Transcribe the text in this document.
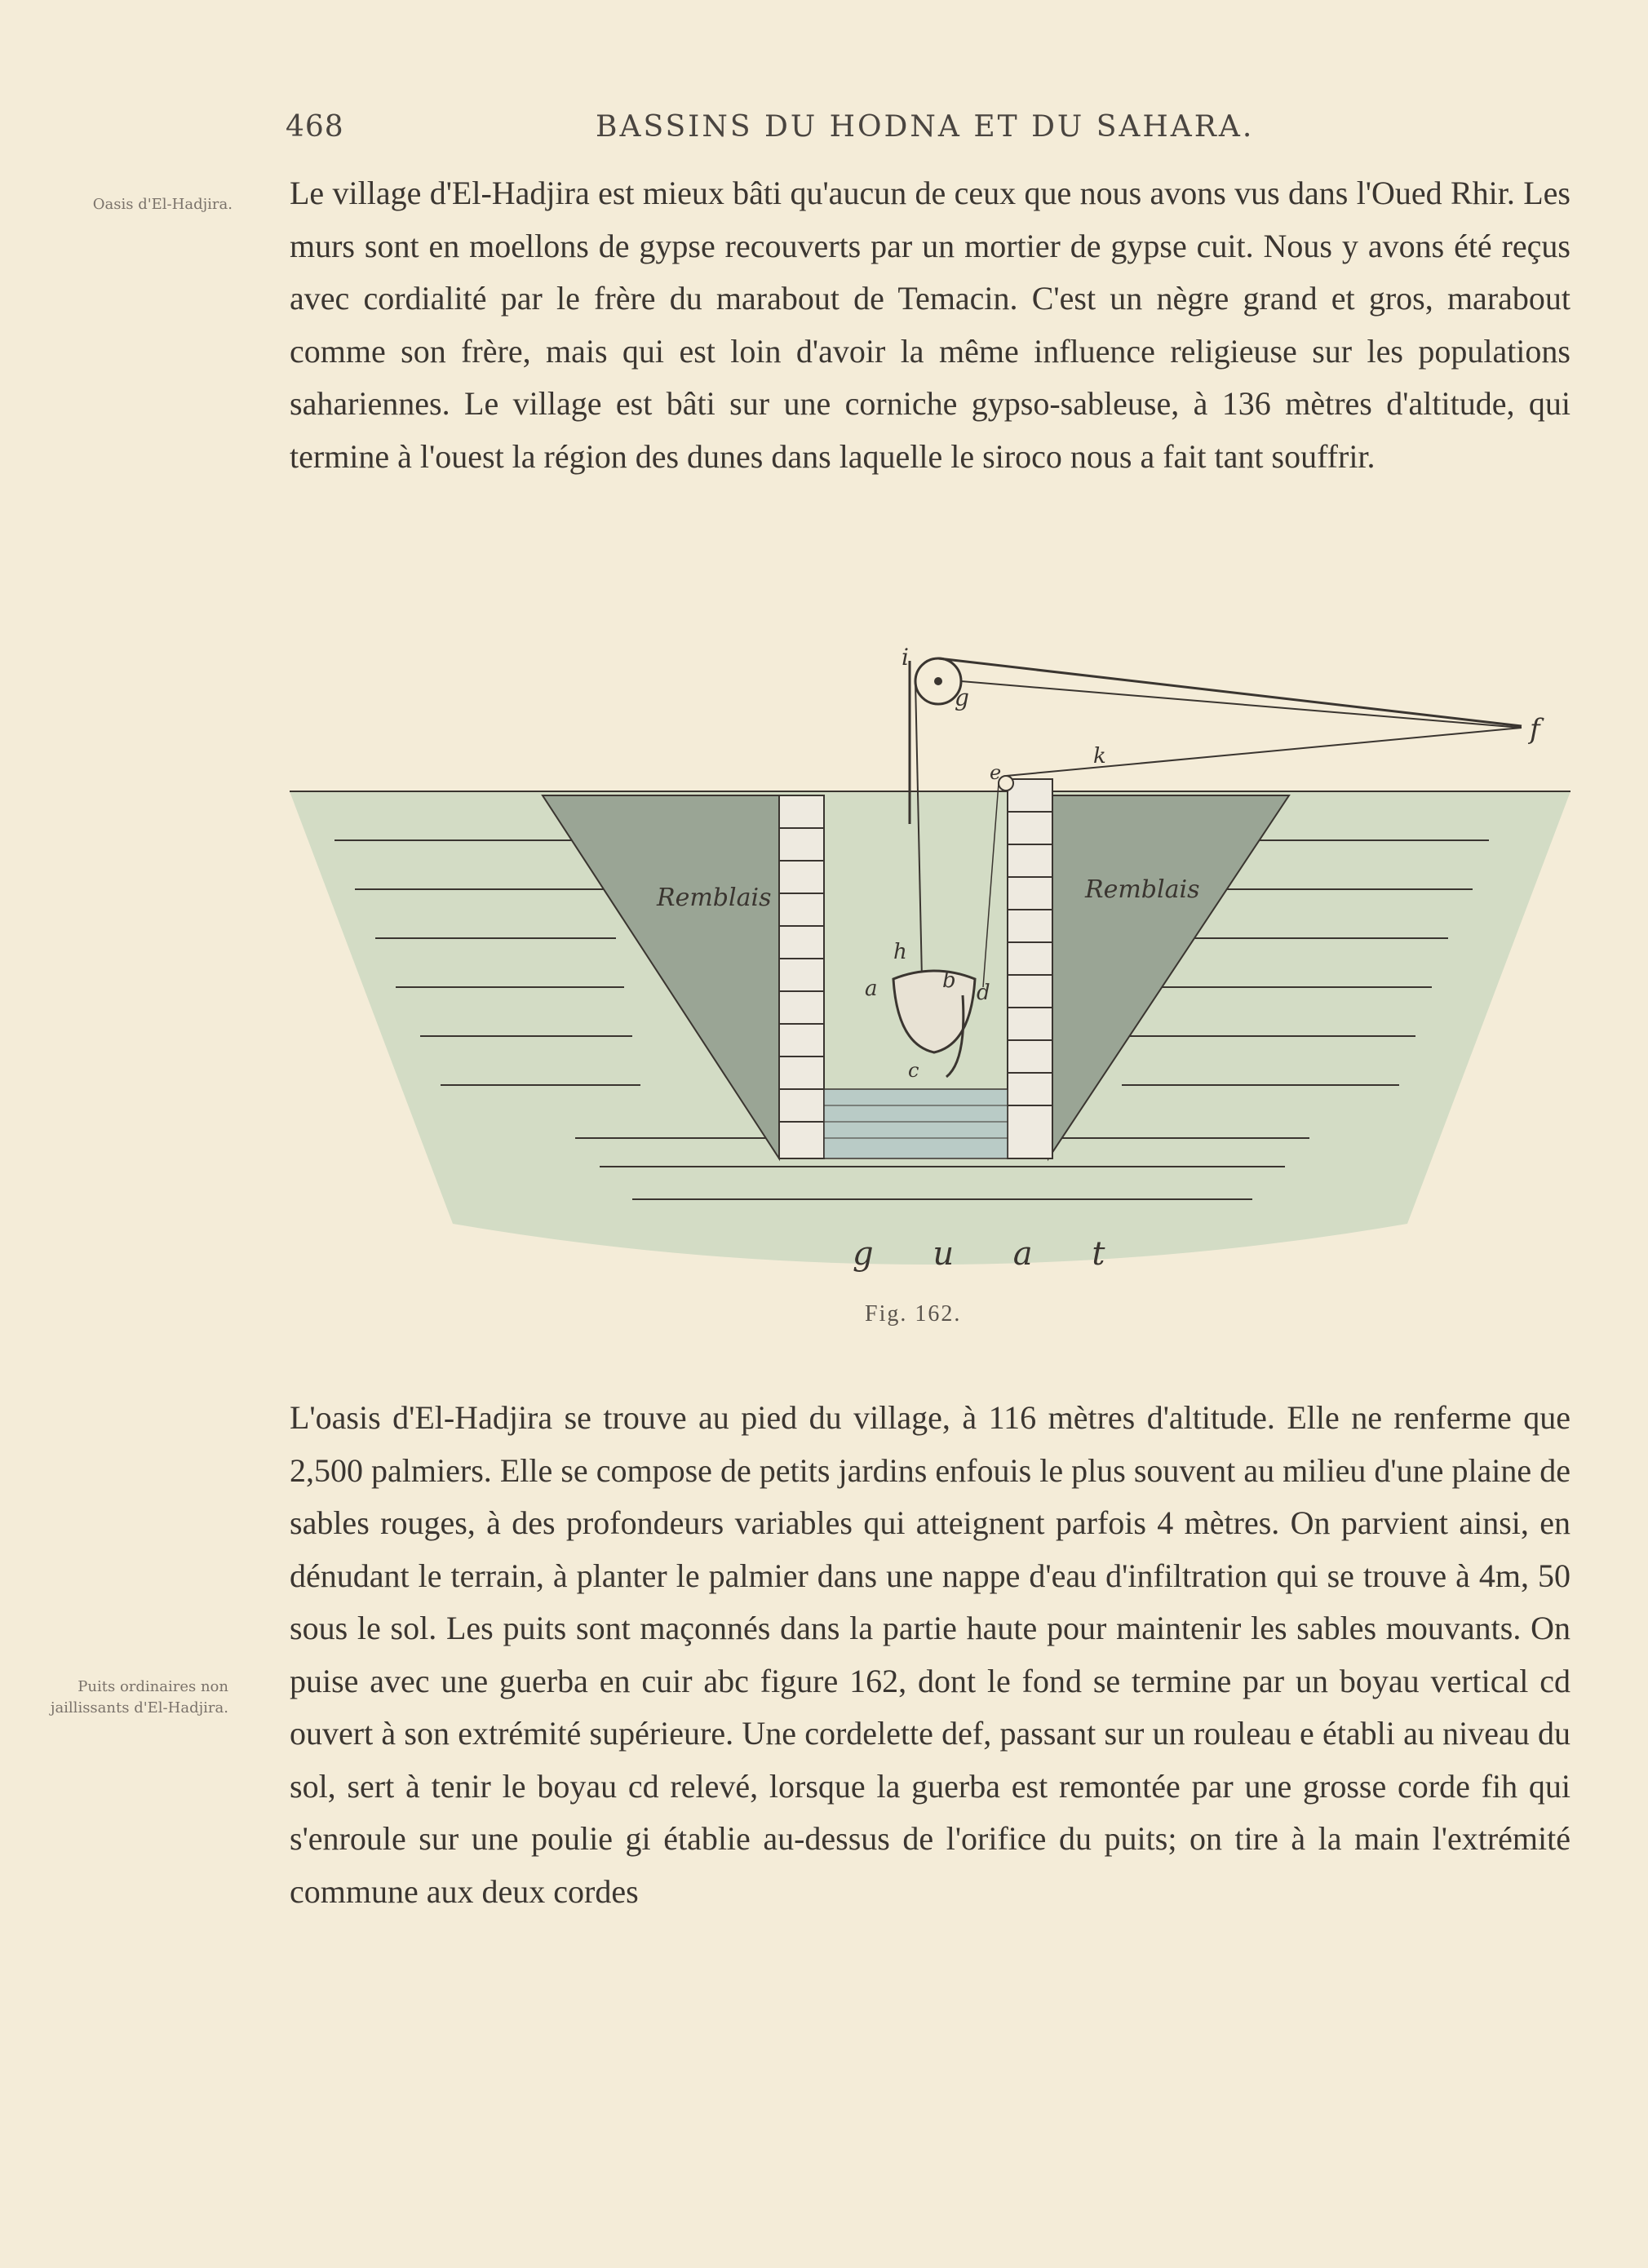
468	BASSINS DU HODNA ET DU SAHARA.
Oasis d'El-Hadjira.
Puits ordinaires non jaillissants d'El-Hadjira.

Le village d'El-Hadjira est mieux bâti qu'aucun de ceux que nous avons vus dans l'Oued Rhir. Les murs sont en moellons de gypse recouverts par un mortier de gypse cuit. Nous y avons été reçus avec cordialité par le frère du marabout de Temacin. C'est un nègre grand et gros, marabout comme son frère, mais qui est loin d'avoir la même influence religieuse sur les populations sahariennes. Le village est bâti sur une corniche gypso-sableuse, à 136 mètres d'altitude, qui termine à l'ouest la région des dunes dans laquelle le siroco nous a fait tant souffrir.

i
g
f
k
e
h
a	b d
c
Remblais	Remblais
g u a t
Fig. 162.

L'oasis d'El-Hadjira se trouve au pied du village, à 116 mètres d'altitude. Elle ne renferme que 2,500 palmiers. Elle se compose de petits jardins enfouis le plus souvent au milieu d'une plaine de sables rouges, à des profondeurs variables qui atteignent parfois 4 mètres. On parvient ainsi, en dénudant le terrain, à planter le palmier dans une nappe d'eau d'infiltration qui se trouve à 4m, 50 sous le sol. Les puits sont maçonnés dans la partie haute pour maintenir les sables mouvants. On puise avec une guerba en cuir abc figure 162, dont le fond se termine par un boyau vertical cd ouvert à son extrémité supérieure. Une cordelette def, passant sur un rouleau e établi au niveau du sol, sert à tenir le boyau cd relevé, lorsque la guerba est remontée par une grosse corde fih qui s'enroule sur une poulie gi établie au-dessus de l'orifice du puits; on tire à la main l'extrémité commune aux deux cordes
